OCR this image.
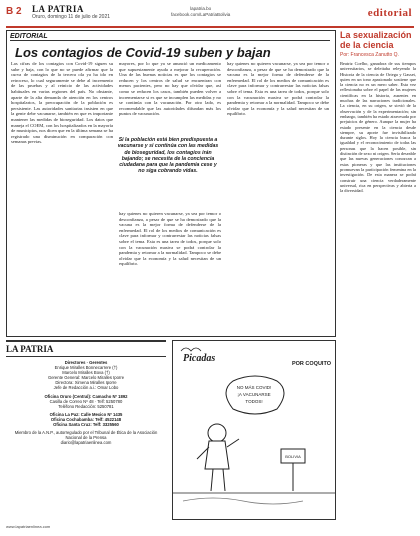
B 2 LA PATRIA
Oruro, domingo 11 de julio de 2021
lapatria.bo
facebook.com/LaPatriaBolivia	editorial
EDITORIAL
Los contagios de Covid-19 suben y bajan
Las cifras de los contagios con Covid-19 siguen su sube y baja, con lo que no se puede afirmar que la curva de contagios de la tercera ola ya ha ido en retroceso, lo cual seguramente se debe al incremento de las pruebas y al reinicio de las actividades habituales en varias regiones del país. No obstante, aparte de la alta demanda de atención en los centros hospitalarios, la preocupación de la población es persistente. Las autoridades sanitarias insisten en que la gente debe vacunarse, también en que es importante mantener las medidas de bioseguridad. Los datos que maneja el COEM, con los hospitalizados en la mayoría de municipios, nos dicen que en la última semana se ha registrado una disminución en comparación con semanas previas.
mayores, por lo que ya se anunció un medicamento que supuestamente ayuda a mejorar la recuperación. Una de las buenas noticias es que los contagios se reducen y los centros de salud se encuentran con menos pacientes, pero no hay que olvidar que, así como se reducen los casos, también pueden volver a incrementarse si es que se incumplen las medidas y no se continúa con la vacunación. Por otro lado, es recomendable que las autoridades difundan más los puntos de vacunación.
Si la población está bien predispuesta a vacunarse y si continúa con las medidas de bioseguridad, los contagios irán bajando; se necesita de la conciencia ciudadana para que la pandemia cese y no siga cobrando vidas.
hay quienes no quieren vacunarse, ya sea por temor o desconfianza, a pesar de que se ha demostrado que la vacuna es la mejor forma de defenderse de la enfermedad. El rol de los medios de comunicación es clave para informar y contrarrestar las noticias falsas sobre el tema. Esta es una tarea de todos, porque solo con la vacunación masiva se podrá controlar la pandemia y retornar a la normalidad. Tampoco se debe olvidar que la economía y la salud necesitan de un equilibrio.
hay quienes no quieren vacunarse, ya sea por temor o desconfianza, a pesar de que se ha demostrado que la vacuna es la mejor forma de defenderse de la enfermedad. El rol de los medios de comunicación es clave para informar y contrarrestar las noticias falsas sobre el tema. Esta es una tarea de todos, porque solo con la vacunación masiva se podrá controlar la pandemia y retornar a la normalidad. Tampoco se debe olvidar que la economía y la salud necesitan de un equilibrio.
La sexualización de la ciencia
Por: Francesca Zanutto Q.
Beatriz Coelho, ganadora de sus tiempos universitarios, se deleitaba releyendo la Historia de la ciencia de Ortega y Gasset, quien en un tono apasionado sostiene que la ciencia no es un mero saber. Esta vez reflexionaba sobre el papel de las mujeres científicas en la historia, ausentes en muchas de las narraciones tradicionales. La ciencia, en su origen, se sirvió de la observación y de la experimentación; sin embargo, también ha estado atravesada por prejuicios de género. Aunque la mujer ha estado presente en la ciencia desde siempre, su aporte fue invisibilizado durante siglos. Hoy la ciencia busca la igualdad y el reconocimiento de todas las personas que la hacen posible, sin distinción de sexo ni origen. Sería deseable que las nuevas generaciones conozcan a estas pioneras y que las instituciones promuevan la participación femenina en la investigación. De esta manera se podrá construir una ciencia verdaderamente universal, rica en perspectivas y abierta a la diversidad.
LA PATRIA
Directores · Gerentes
Enrique Miralles Bonnecarrere (†)
Marcelo Miralles Bova (†)
Gerente General: Marcelo Miralles Iporre
Directora: Ximena Miralles Iporre
Jefe de Redacción a.i.: Omar Lobo
Oficina Oruro (Central): Camacho Nº 1892
Casilla de Correo Nº 48 · Telf: 5250780
Teléfono Redacción: 5250781
Oficina La Paz: Calle Mexico Nº 1435
Oficina Cochabamba: Telf: 4522148
Oficina Santa Cruz: Telf: 3325560
Miembro de la A.N.P., autorregulado por el Tribunal de Ética de la Asociación Nacional de la Prensa
diario@lapatriaenlinea.com
Picadas
NO MÁS COVID!
¡A VACUNARSE
TODOS!
BOLIVIA
POR COQUITO
www.lapatriaenlinea.com
